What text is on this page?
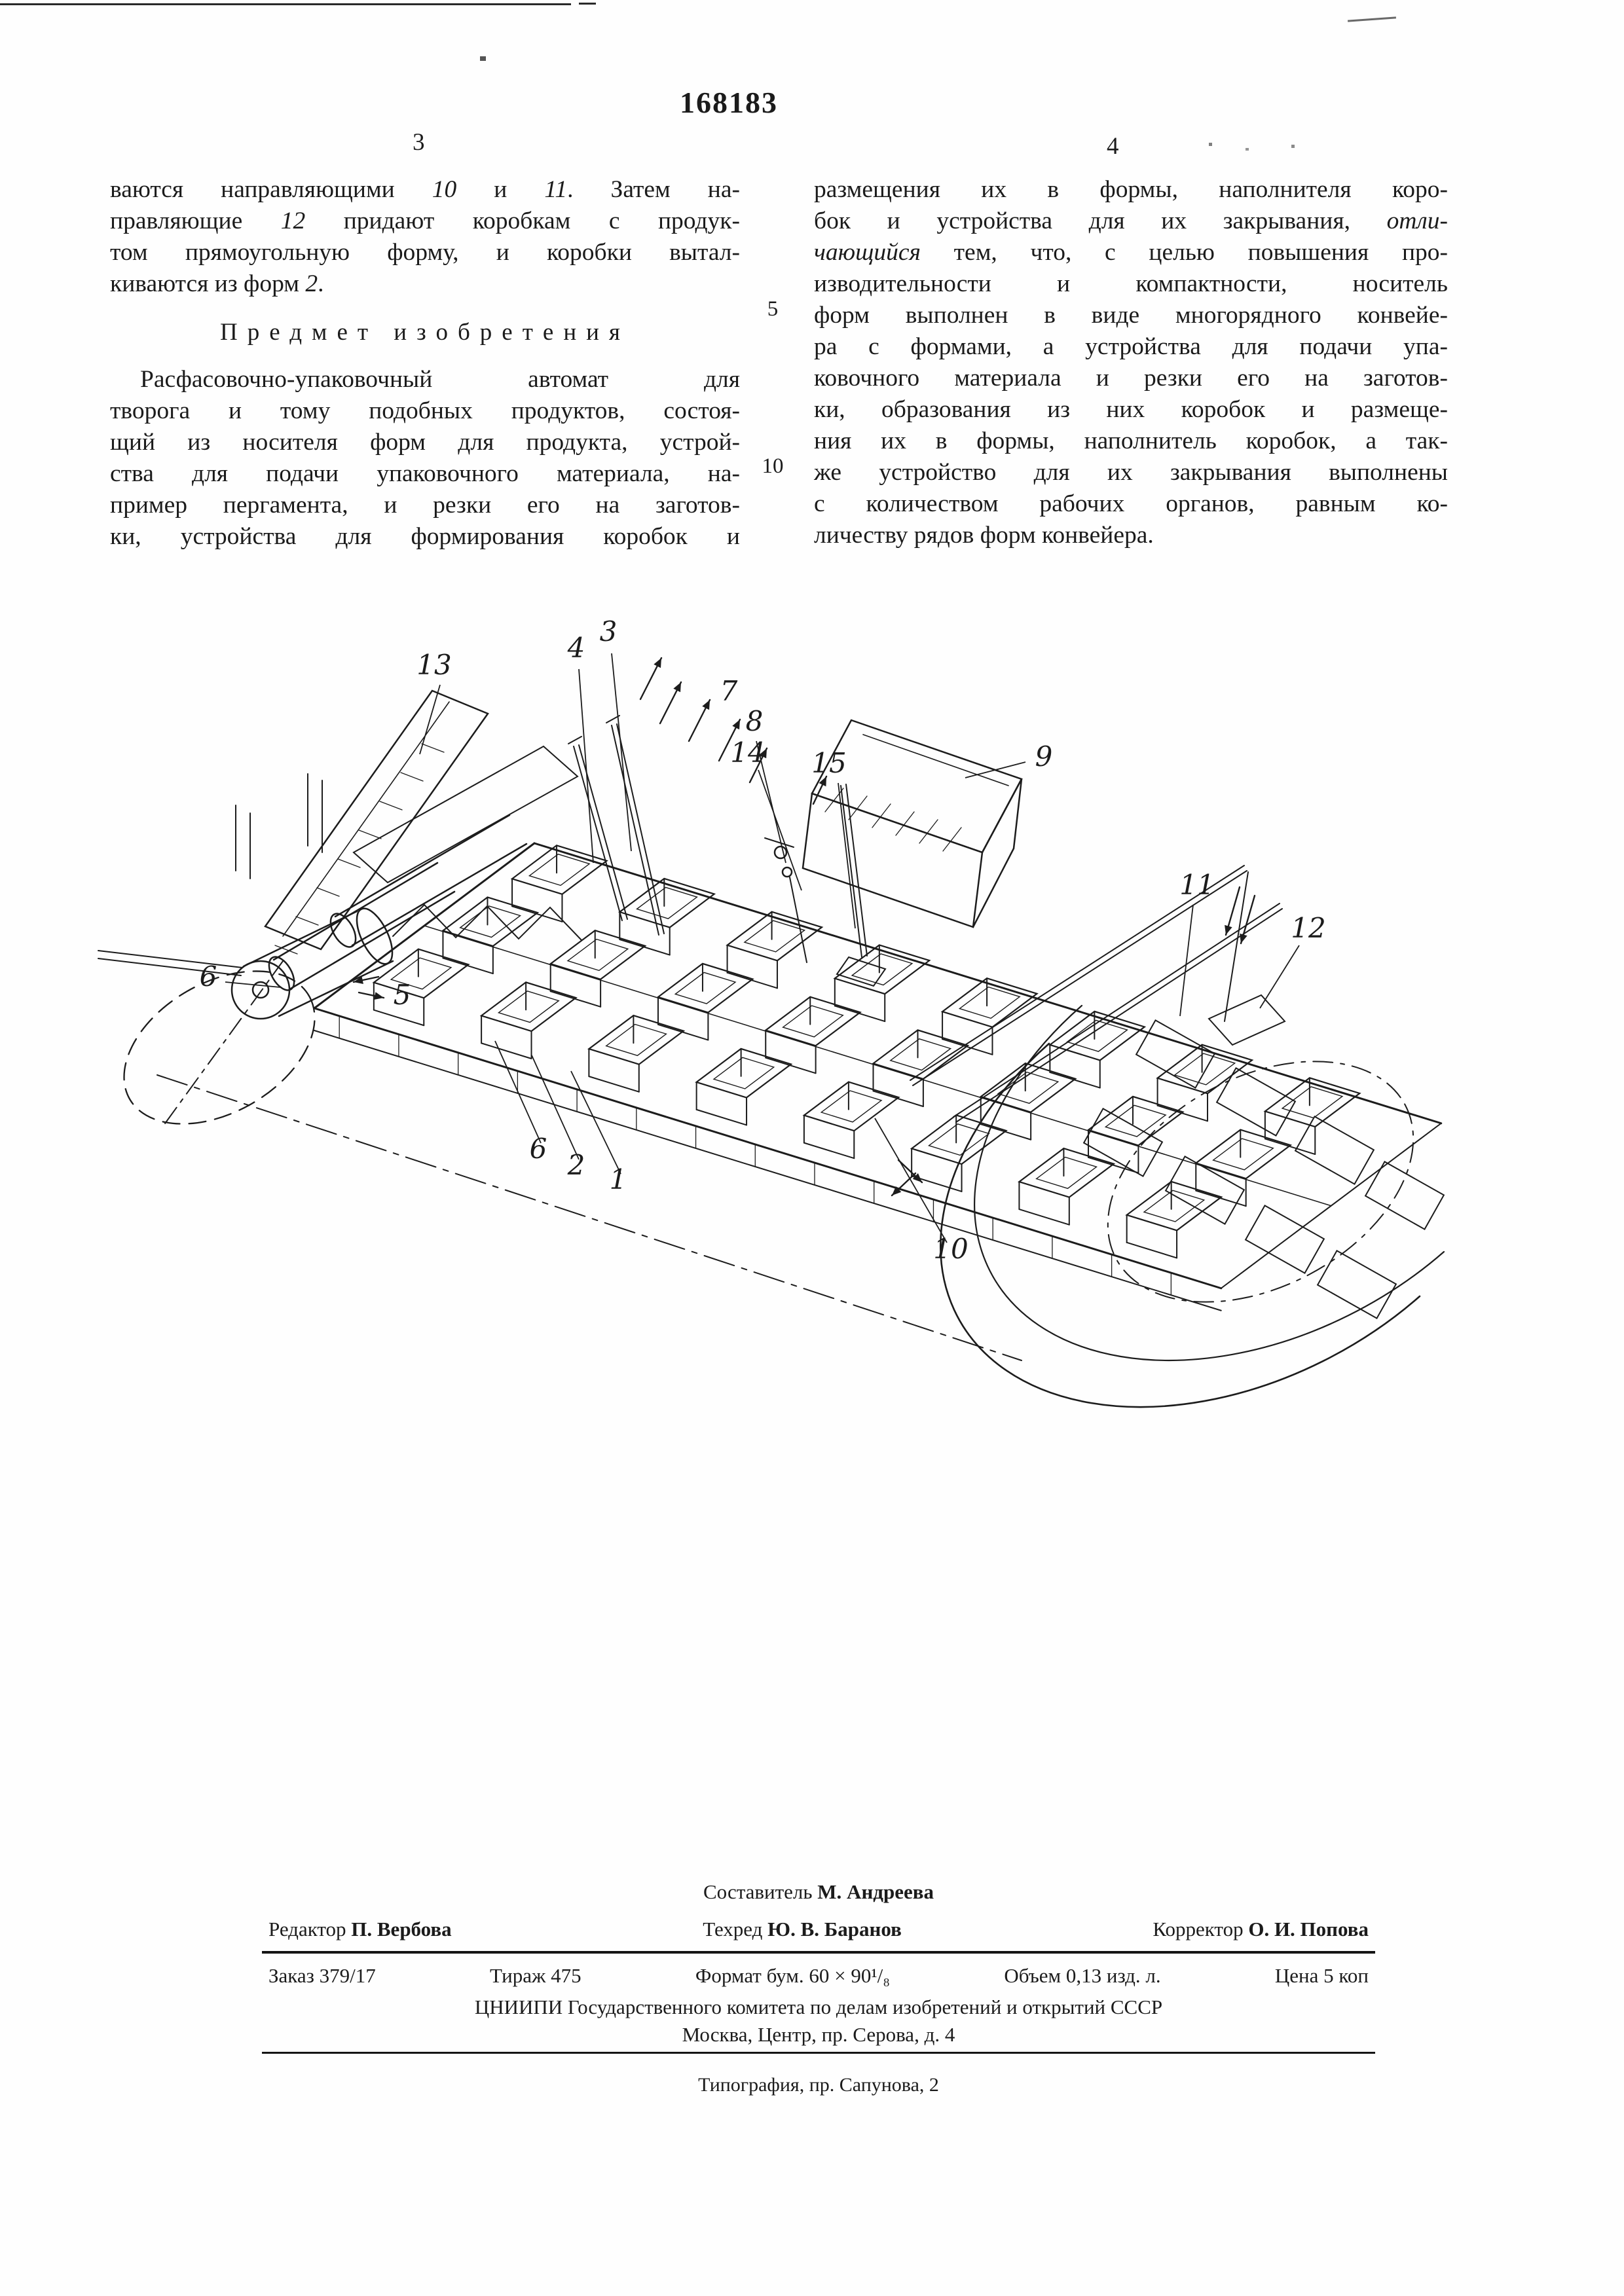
168183
3	4
ваются направляющими 10 и 11. Затем на-
правляющие 12 придают коробкам с продук-
том прямоугольную форму, и коробки вытал-
киваются из форм 2.
Предмет изобретения
Расфасовочно-упаковочный автомат для
творога и тому подобных продуктов, состоя-
щий из носителя форм для продукта, устрой-
ства для подачи упаковочного материала, на-
пример пергамента, и резки его на заготов-
ки, устройства для формирования коробок и
размещения их в формы, наполнителя коро-
бок и устройства для их закрывания, отли-
чающийся тем, что, с целью повышения про-
изводительности и компактности, носитель
форм выполнен в виде многорядного конвейе-
ра с формами, а устройства для подачи упа-
ковочного материала и резки его на заготов-
ки, образования из них коробок и размеще-
ния их в формы, наполнитель коробок, а так-
же устройство для их закрывания выполнены
с количеством рабочих органов, равным ко-
личеству рядов форм конвейера.
5
10
13
4
3
7
8
14 15	9
11
12
6
5
6
2 1
10
Составитель М. Андреева
Редактор П. Вербова	Техред Ю. В. Баранов	Корректор О. И. Попова
Заказ 379/17	Тираж 475	Формат бум. 60 × 90¹/₈	Объем 0,13 изд. л.	Цена 5 коп
ЦНИИПИ Государственного комитета по делам изобретений и открытий СССР
Москва, Центр, пр. Серова, д. 4
Типография, пр. Сапунова, 2
